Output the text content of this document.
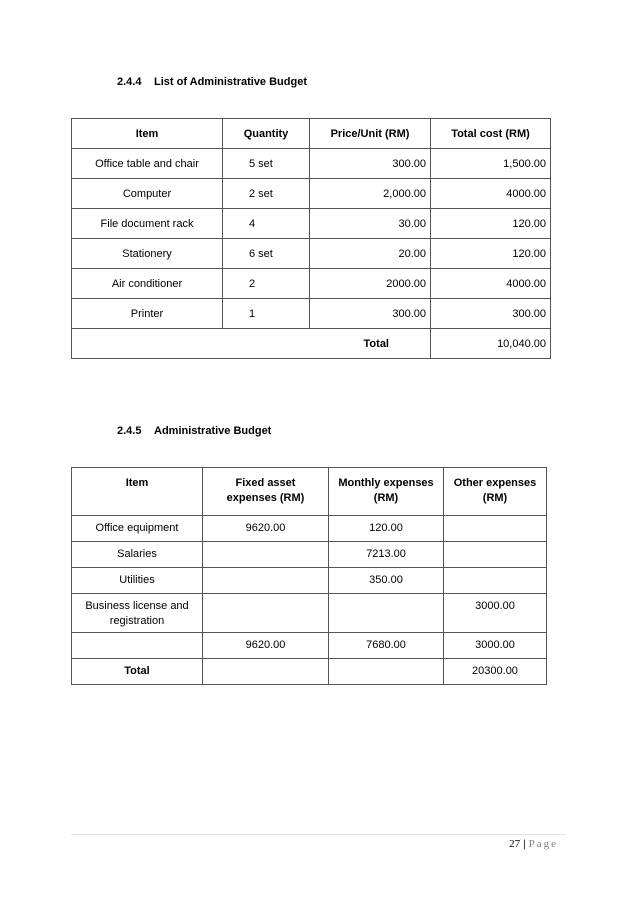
2.4.4 List of Administrative Budget
Item	Quantity	Price/Unit (RM)	Total cost (RM)
Office table and chair	5 set	300.00	1,500.00
Computer	2 set	2,000.00	4000.00
File document rack	4	30.00	120.00
Stationery	6 set	20.00	120.00
Air conditioner	2	2000.00	4000.00
Printer	1	300.00	300.00
Total			10,040.00
2.4.5 Administrative Budget
Item	Fixed asset expenses (RM)	Monthly expenses (RM)	Other expenses (RM)
Office equipment	9620.00	120.00	
Salaries		7213.00	
Utilities		350.00	
Business license and registration			3000.00
	9620.00	7680.00	3000.00
Total			20300.00
27 | Page
